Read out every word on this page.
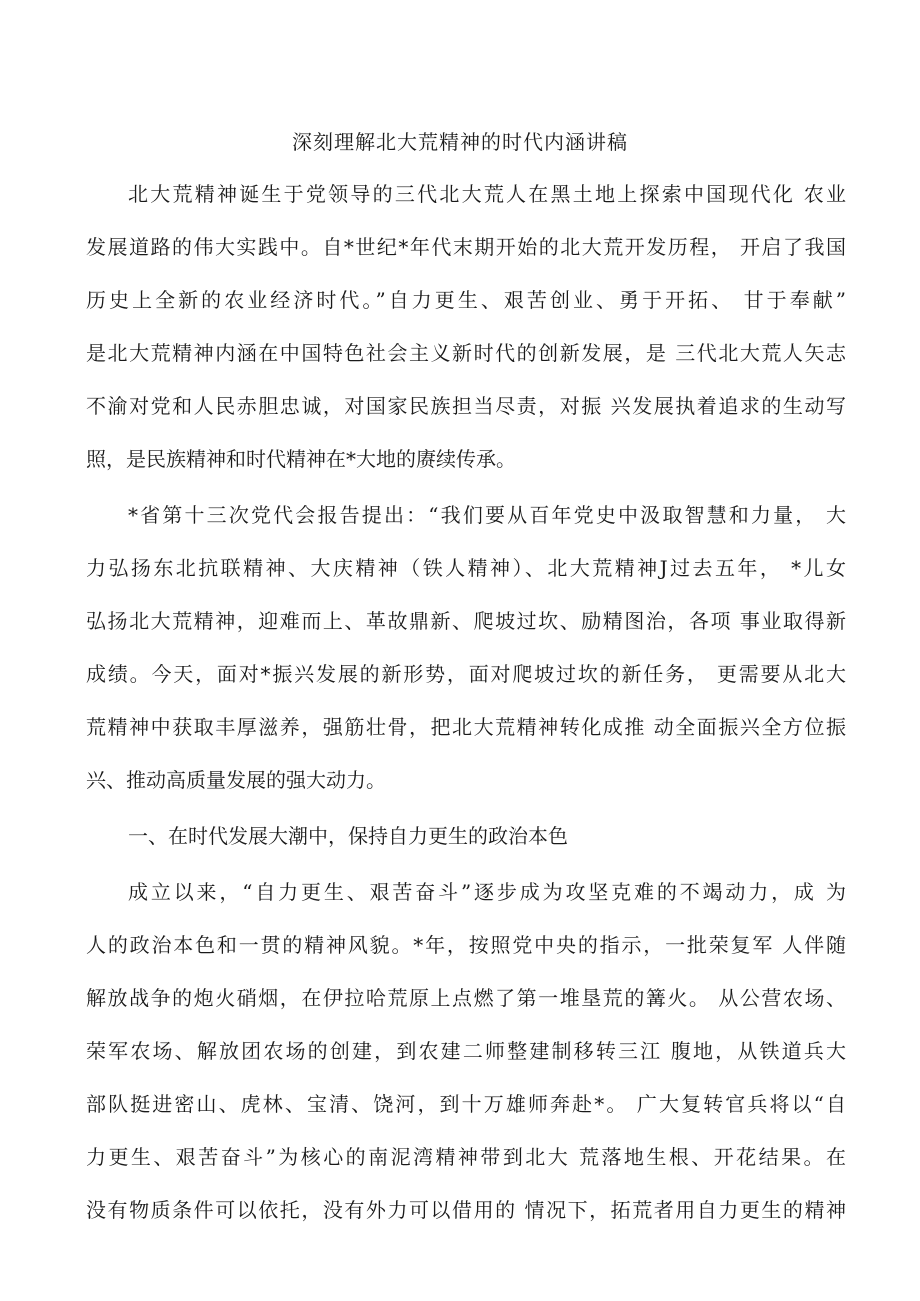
深刻理解北大荒精神的时代内涵讲稿
北大荒精神诞生于党领导的三代北大荒人在黑土地上探索中国现代化 农业
发展道路的伟大实践中。自*世纪*年代末期开始的北大荒开发历程， 开启了我国
历史上全新的农业经济时代。”自力更生、艰苦创业、勇于开拓、 甘于奉献”
是北大荒精神内涵在中国特色社会主义新时代的创新发展，是 三代北大荒人矢志
不渝对党和人民赤胆忠诚，对国家民族担当尽责，对振 兴发展执着追求的生动写
照，是民族精神和时代精神在*大地的赓续传承。
*省第十三次党代会报告提出：“我们要从百年党史中汲取智慧和力量， 大
力弘扬东北抗联精神、大庆精神（铁人精神）、北大荒精神J过去五年， *儿女
弘扬北大荒精神，迎难而上、革故鼎新、爬坡过坎、励精图治，各项 事业取得新
成绩。今天，面对*振兴发展的新形势，面对爬坡过坎的新任务， 更需要从北大
荒精神中获取丰厚滋养，强筋壮骨，把北大荒精神转化成推 动全面振兴全方位振
兴、推动高质量发展的强大动力。
一、在时代发展大潮中，保持自力更生的政治本色
成立以来，“自力更生、艰苦奋斗”逐步成为攻坚克难的不竭动力，成 为
人的政治本色和一贯的精神风貌。*年，按照党中央的指示，一批荣复军 人伴随
解放战争的炮火硝烟，在伊拉哈荒原上点燃了第一堆垦荒的篝火。 从公营农场、
荣军农场、解放团农场的创建，到农建二师整建制移转三江 腹地，从铁道兵大
部队挺进密山、虎林、宝清、饶河，到十万雄师奔赴*。 广大复转官兵将以“自
力更生、艰苦奋斗”为核心的南泥湾精神带到北大 荒落地生根、开花结果。在
没有物质条件可以依托，没有外力可以借用的 情况下，拓荒者用自力更生的精神
